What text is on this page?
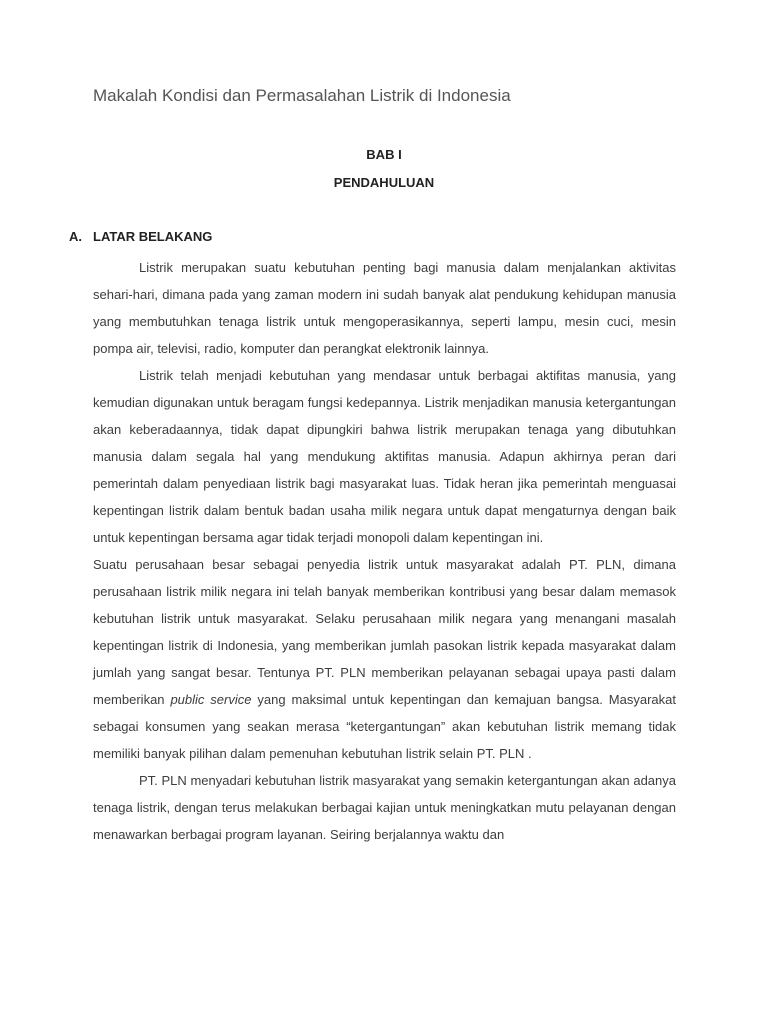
Makalah Kondisi dan Permasalahan Listrik di Indonesia
BAB I
PENDAHULUAN
A. LATAR BELAKANG

Listrik merupakan suatu kebutuhan penting bagi manusia dalam menjalankan aktivitas sehari-hari, dimana pada yang zaman modern ini sudah banyak alat pendukung kehidupan manusia yang membutuhkan tenaga listrik untuk mengoperasikannya, seperti lampu, mesin cuci, mesin pompa air, televisi, radio, komputer dan perangkat elektronik lainnya.

Listrik telah menjadi kebutuhan yang mendasar untuk berbagai aktifitas manusia, yang kemudian digunakan untuk beragam fungsi kedepannya. Listrik menjadikan manusia ketergantungan akan keberadaannya, tidak dapat dipungkiri bahwa listrik merupakan tenaga yang dibutuhkan manusia dalam segala hal yang mendukung aktifitas manusia. Adapun akhirnya peran dari pemerintah dalam penyediaan listrik bagi masyarakat luas. Tidak heran jika pemerintah menguasai kepentingan listrik dalam bentuk badan usaha milik negara untuk dapat mengaturnya dengan baik untuk kepentingan bersama agar tidak terjadi monopoli dalam kepentingan ini.

Suatu perusahaan besar sebagai penyedia listrik untuk masyarakat adalah PT. PLN, dimana perusahaan listrik milik negara ini telah banyak memberikan kontribusi yang besar dalam memasok kebutuhan listrik untuk masyarakat. Selaku perusahaan milik negara yang menangani masalah kepentingan listrik di Indonesia, yang memberikan jumlah pasokan listrik kepada masyarakat dalam jumlah yang sangat besar. Tentunya PT. PLN memberikan pelayanan sebagai upaya pasti dalam memberikan public service yang maksimal untuk kepentingan dan kemajuan bangsa. Masyarakat sebagai konsumen yang seakan merasa “ketergantungan” akan kebutuhan listrik memang tidak memiliki banyak pilihan dalam pemenuhan kebutuhan listrik selain PT. PLN .

PT. PLN menyadari kebutuhan listrik masyarakat yang semakin ketergantungan akan adanya tenaga listrik, dengan terus melakukan berbagai kajian untuk meningkatkan mutu pelayanan dengan menawarkan berbagai program layanan. Seiring berjalannya waktu dan
